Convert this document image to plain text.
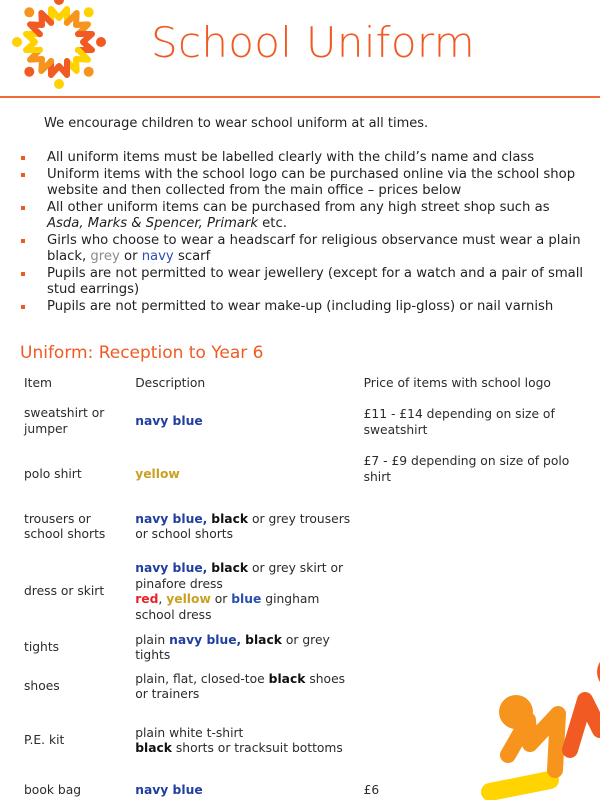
School Uniform
We encourage children to wear school uniform at all times.
All uniform items must be labelled clearly with the child’s name and class
Uniform items with the school logo can be purchased online via the school shop website and then collected from the main office – prices below
All other uniform items can be purchased from any high street shop such as Asda, Marks & Spencer, Primark etc.
Girls who choose to wear a headscarf for religious observance must wear a plain black, grey or navy scarf
Pupils are not permitted to wear jewellery (except for a watch and a pair of small stud earrings)
Pupils are not permitted to wear make-up (including lip-gloss) or nail varnish
Uniform: Reception to Year 6
Item	Description		Price of items with school logo
sweatshirt or jumper	navy blue		£11 - £14 depending on size of sweatshirt
polo shirt	yellow		£7 - £9 depending on size of polo shirt
trousers or school shorts	navy blue, black or grey trousers or school shorts		
dress or skirt	navy blue, black or grey skirt or pinafore dress
red, yellow or blue gingham school dress		
tights	plain navy blue, black or grey tights		
shoes	plain, flat, closed-toe black shoes or trainers		
P.E. kit	plain white t-shirt
black shorts or tracksuit bottoms		
book bag	navy blue		£6
